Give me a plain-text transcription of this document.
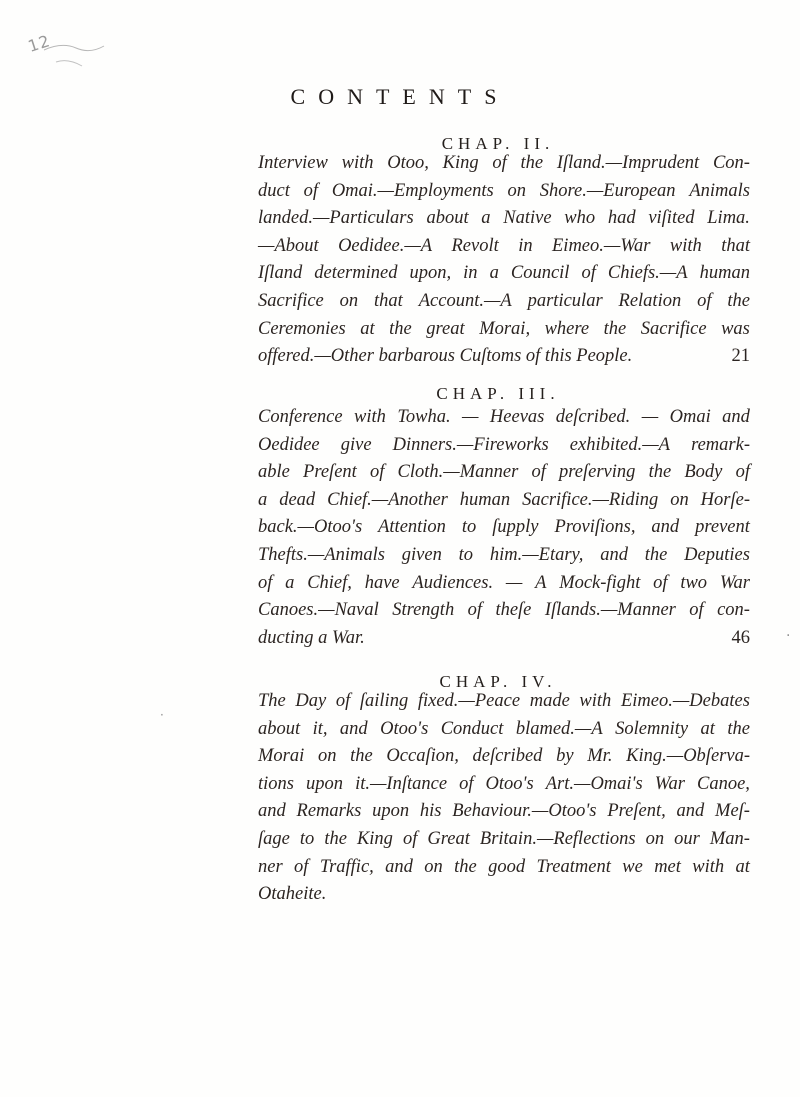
12
CONTENTS
CHAP. II.
Interview with Otoo, King of the Iſland.—Imprudent Con-
duct of Omai.—Employments on Shore.—European Animals
landed.—Particulars about a Native who had viſited Lima.
—About Oedidee.—A Revolt in Eimeo.—War with that
Iſland determined upon, in a Council of Chiefs.—A human
Sacrifice on that Account.—A particular Relation of the
Ceremonies at the great Morai, where the Sacrifice was
offered.—Other barbarous Cuſtoms of this People.	21
CHAP. III.
Conference with Towha. — Heevas deſcribed. — Omai and
Oedidee give Dinners.—Fireworks exhibited.—A remark-
able Preſent of Cloth.—Manner of preſerving the Body of
a dead Chief.—Another human Sacrifice.—Riding on Horſe-
back.—Otoo's Attention to ſupply Proviſions, and prevent
Thefts.—Animals given to him.—Etary, and the Deputies
of a Chief, have Audiences. — A Mock-fight of two War
Canoes.—Naval Strength of theſe Iſlands.—Manner of con-
ducting a War.	46
CHAP. IV.
The Day of ſailing fixed.—Peace made with Eimeo.—Debates
about it, and Otoo's Conduct blamed.—A Solemnity at the
Morai on the Occaſion, deſcribed by Mr. King.—Obſerva-
tions upon it.—Inſtance of Otoo's Art.—Omai's War Canoe,
and Remarks upon his Behaviour.—Otoo's Preſent, and Meſ-
ſage to the King of Great Britain.—Reflections on our Man-
ner of Traffic, and on the good Treatment we met with at
Otaheite.
·
·
